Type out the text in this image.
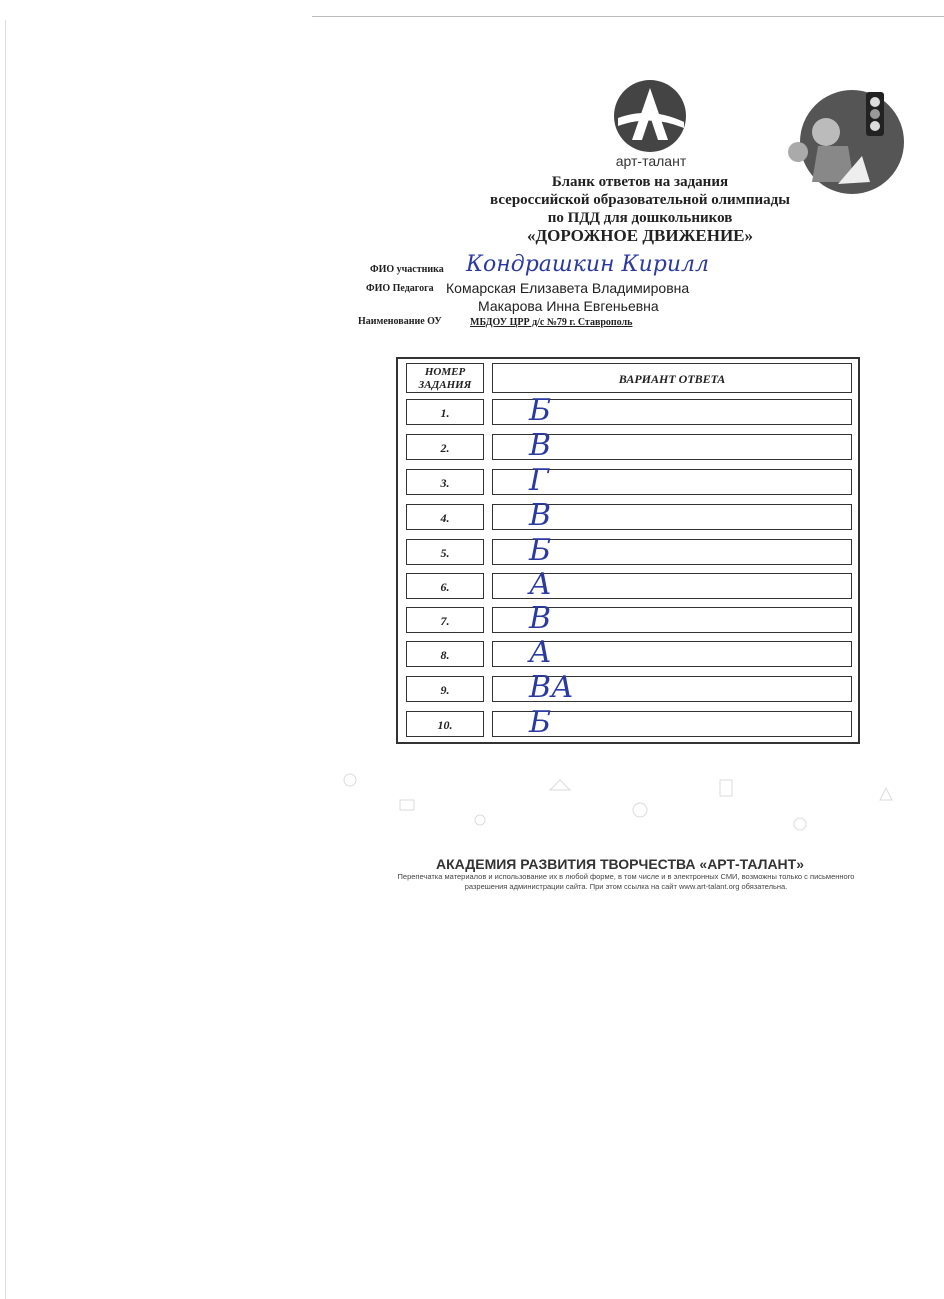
арт-талант
Бланк ответов на задания
всероссийской образовательной олимпиады
по ПДД для дошкольников
«ДОРОЖНОЕ ДВИЖЕНИЕ»
ФИО участника Кондрашкин Кирилл
ФИО Педагога Комарская Елизавета Владимировна
Макарова Инна Евгеньевна
Наименование ОУ	МБДОУ ЦРР д/с №79 г. Ставрополь
НОМЕР
ЗАДАНИЯ	ВАРИАНТ ОТВЕТА
1.	Б
2.	В
3.	Г
4.	В
5.	Б
6.	А
7.	В
8.	А
9.	ВА
10.	Б
АКАДЕМИЯ РАЗВИТИЯ ТВОРЧЕСТВА «АРТ-ТАЛАНТ»
Перепечатка материалов и использование их в любой форме, в том числе и в электронных СМИ, возможны только с письменного
разрешения администрации сайта. При этом ссылка на сайт www.art-talant.org обязательна.
